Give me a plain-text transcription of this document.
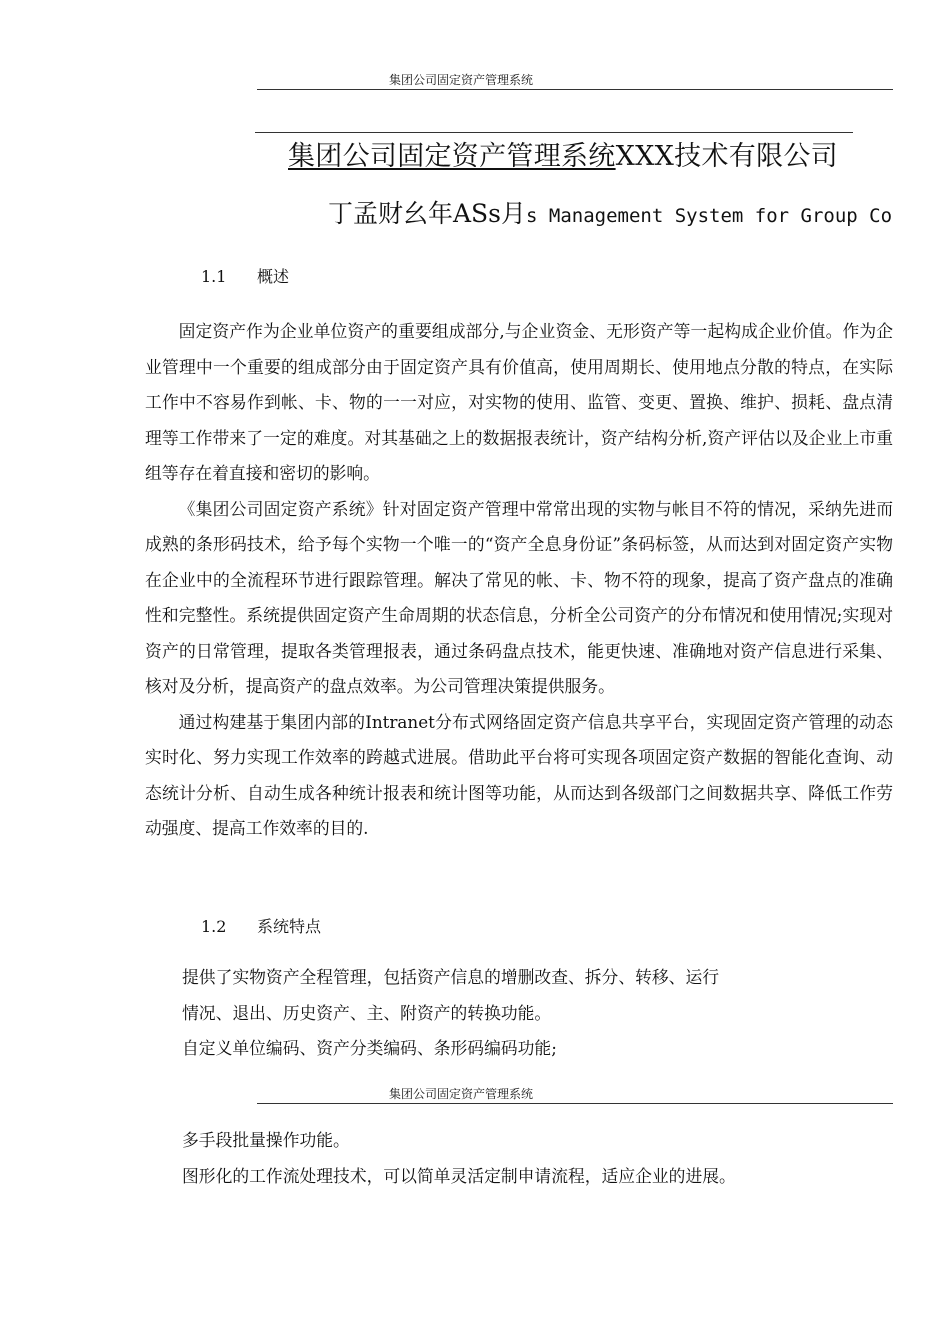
集团公司固定资产管理系统
集团公司固定资产管理系统XXX技术有限公司
丁孟财幺年ASs月s Management System for Group Co
1.1 概述

固定资产作为企业单位资产的重要组成部分,与企业资金、无形资产等一起构成企业价值。作为企业管理中一个重要的组成部分由于固定资产具有价值高，使用周期长、使用地点分散的特点，在实际工作中不容易作到帐、卡、物的一一对应，对实物的使用、监管、变更、置换、维护、损耗、盘点清理等工作带来了一定的难度。对其基础之上的数据报表统计，资产结构分析,资产评估以及企业上市重组等存在着直接和密切的影响。

《集团公司固定资产系统》针对固定资产管理中常常出现的实物与帐目不符的情况，采纳先进而成熟的条形码技术，给予每个实物一个唯一的“资产全息身份证”条码标签，从而达到对固定资产实物在企业中的全流程环节进行跟踪管理。解决了常见的帐、卡、物不符的现象，提高了资产盘点的准确性和完整性。系统提供固定资产生命周期的状态信息，分析全公司资产的分布情况和使用情况;实现对资产的日常管理，提取各类管理报表，通过条码盘点技术，能更快速、准确地对资产信息进行采集、核对及分析，提高资产的盘点效率。为公司管理决策提供服务。

通过构建基于集团内部的Intranet分布式网络固定资产信息共享平台，实现固定资产管理的动态实时化、努力实现工作效率的跨越式进展。借助此平台将可实现各项固定资产数据的智能化查询、动态统计分析、自动生成各种统计报表和统计图等功能，从而达到各级部门之间数据共享、降低工作劳动强度、提高工作效率的目的.

1.2 系统特点
提供了实物资产全程管理，包括资产信息的增删改查、拆分、转移、运行
情况、退出、历史资产、主、附资产的转换功能。
自定义单位编码、资产分类编码、条形码编码功能;
集团公司固定资产管理系统
多手段批量操作功能。
图形化的工作流处理技术，可以简单灵活定制申请流程，适应企业的进展。
